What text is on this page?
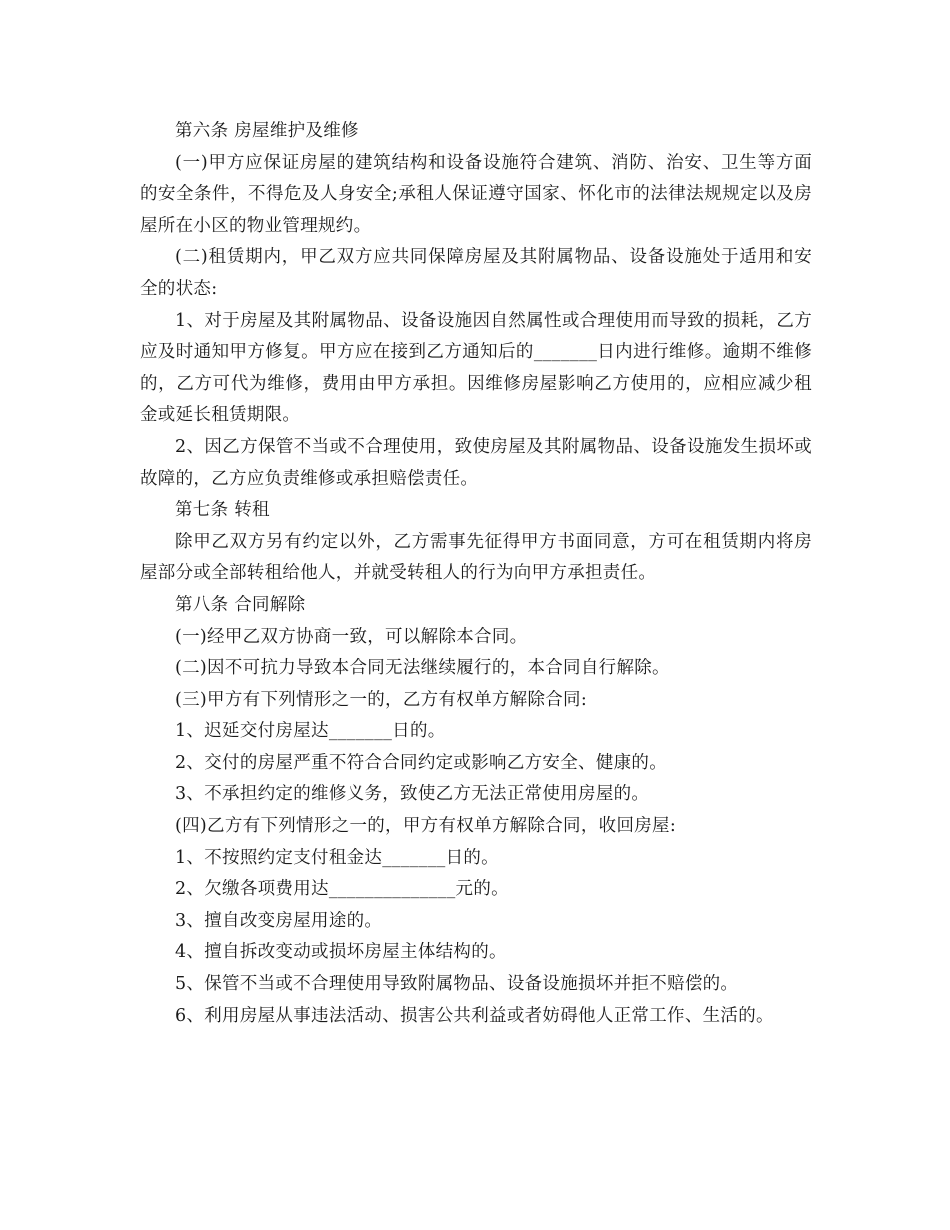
第六条 房屋维护及维修

(一)甲方应保证房屋的建筑结构和设备设施符合建筑、消防、治安、卫生等方面的安全条件，不得危及人身安全;承租人保证遵守国家、怀化市的法律法规规定以及房屋所在小区的物业管理规约。

(二)租赁期内，甲乙双方应共同保障房屋及其附属物品、设备设施处于适用和安全的状态:

1、对于房屋及其附属物品、设备设施因自然属性或合理使用而导致的损耗，乙方应及时通知甲方修复。甲方应在接到乙方通知后的_______日内进行维修。逾期不维修的，乙方可代为维修，费用由甲方承担。因维修房屋影响乙方使用的，应相应减少租金或延长租赁期限。

2、因乙方保管不当或不合理使用，致使房屋及其附属物品、设备设施发生损坏或故障的，乙方应负责维修或承担赔偿责任。

第七条 转租

除甲乙双方另有约定以外，乙方需事先征得甲方书面同意，方可在租赁期内将房屋部分或全部转租给他人，并就受转租人的行为向甲方承担责任。

第八条 合同解除

(一)经甲乙双方协商一致，可以解除本合同。

(二)因不可抗力导致本合同无法继续履行的，本合同自行解除。

(三)甲方有下列情形之一的，乙方有权单方解除合同:

1、迟延交付房屋达_______日的。

2、交付的房屋严重不符合合同约定或影响乙方安全、健康的。

3、不承担约定的维修义务，致使乙方无法正常使用房屋的。

(四)乙方有下列情形之一的，甲方有权单方解除合同，收回房屋:

1、不按照约定支付租金达_______日的。

2、欠缴各项费用达______________元的。

3、擅自改变房屋用途的。

4、擅自拆改变动或损坏房屋主体结构的。

5、保管不当或不合理使用导致附属物品、设备设施损坏并拒不赔偿的。

6、利用房屋从事违法活动、损害公共利益或者妨碍他人正常工作、生活的。
